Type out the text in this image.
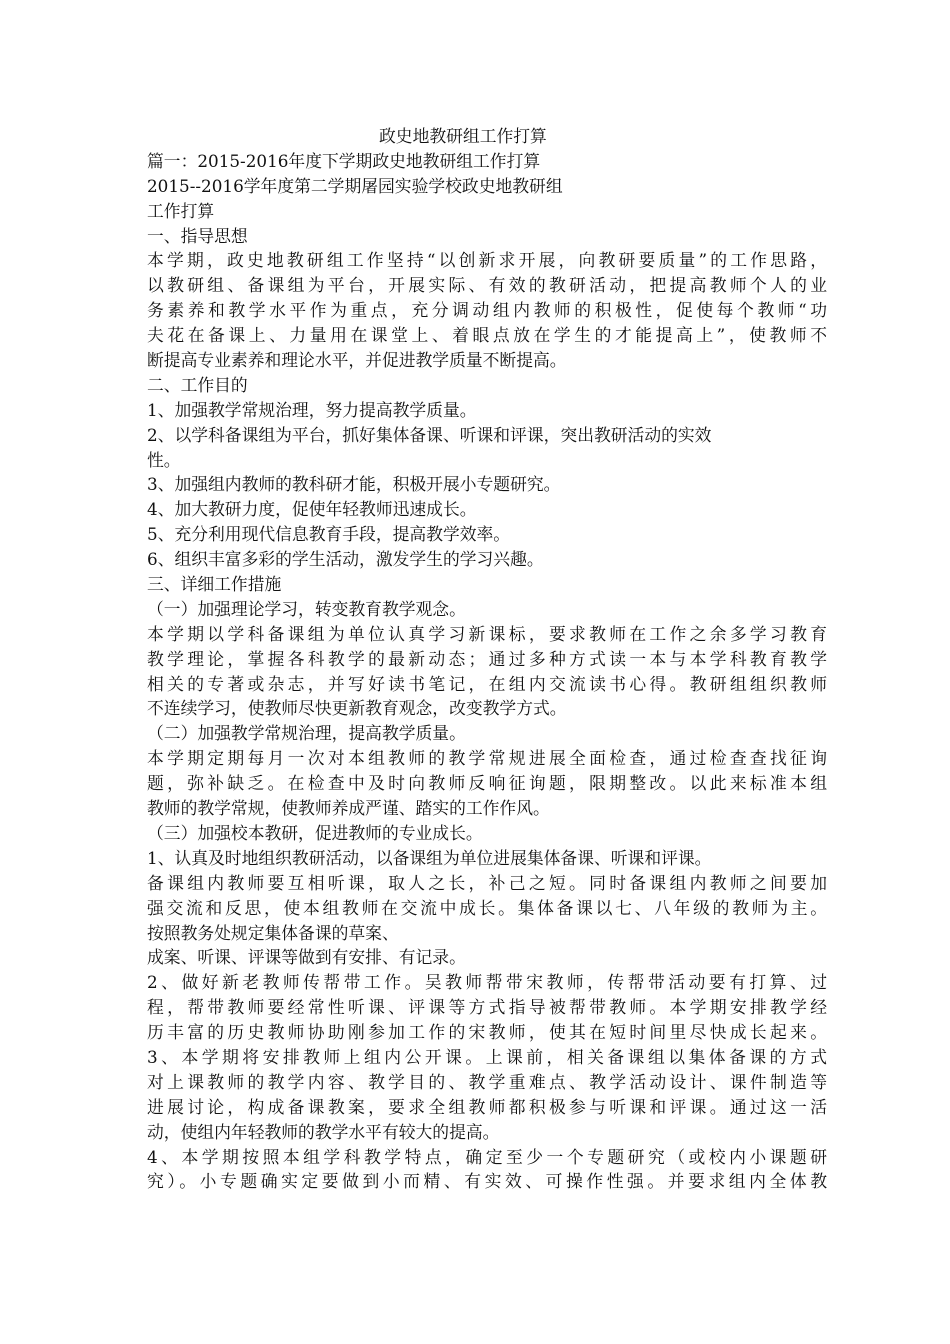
政史地教研组工作打算
篇一：2015-2016年度下学期政史地教研组工作打算
2015--2016学年度第二学期屠园实验学校政史地教研组
工作打算
一、指导思想
本学期，政史地教研组工作坚持“以创新求开展，向教研要质量”的工作思路，
以教研组、备课组为平台，开展实际、有效的教研活动，把提高教师个人的业
务素养和教学水平作为重点，充分调动组内教师的积极性，促使每个教师“功
夫花在备课上、力量用在课堂上、着眼点放在学生的才能提高上”，使教师不
断提高专业素养和理论水平，并促进教学质量不断提高。
二、工作目的
1、加强教学常规治理，努力提高教学质量。
2、以学科备课组为平台，抓好集体备课、听课和评课，突出教研活动的实效
性。
3、加强组内教师的教科研才能，积极开展小专题研究。
4、加大教研力度，促使年轻教师迅速成长。
5、充分利用现代信息教育手段，提高教学效率。
6、组织丰富多彩的学生活动，激发学生的学习兴趣。
三、详细工作措施
（一）加强理论学习，转变教育教学观念。
本学期以学科备课组为单位认真学习新课标，要求教师在工作之余多学习教育
教学理论，掌握各科教学的最新动态；通过多种方式读一本与本学科教育教学
相关的专著或杂志，并写好读书笔记，在组内交流读书心得。教研组组织教师
不连续学习，使教师尽快更新教育观念，改变教学方式。
（二）加强教学常规治理，提高教学质量。
本学期定期每月一次对本组教师的教学常规进展全面检查，通过检查查找征询
题，弥补缺乏。在检查中及时向教师反响征询题，限期整改。以此来标准本组
教师的教学常规，使教师养成严谨、踏实的工作作风。
（三）加强校本教研，促进教师的专业成长。
1、认真及时地组织教研活动，以备课组为单位进展集体备课、听课和评课。
备课组内教师要互相听课，取人之长，补己之短。同时备课组内教师之间要加
强交流和反思，使本组教师在交流中成长。集体备课以七、八年级的教师为主。
按照教务处规定集体备课的草案、
成案、听课、评课等做到有安排、有记录。
2、做好新老教师传帮带工作。吴教师帮带宋教师，传帮带活动要有打算、过
程，帮带教师要经常性听课、评课等方式指导被帮带教师。本学期安排教学经
历丰富的历史教师协助刚参加工作的宋教师，使其在短时间里尽快成长起来。
3、本学期将安排教师上组内公开课。上课前，相关备课组以集体备课的方式
对上课教师的教学内容、教学目的、教学重难点、教学活动设计、课件制造等
进展讨论，构成备课教案，要求全组教师都积极参与听课和评课。通过这一活
动，使组内年轻教师的教学水平有较大的提高。
4、本学期按照本组学科教学特点，确定至少一个专题研究（或校内小课题研
究）。小专题确实定要做到小而精、有实效、可操作性强。并要求组内全体教
